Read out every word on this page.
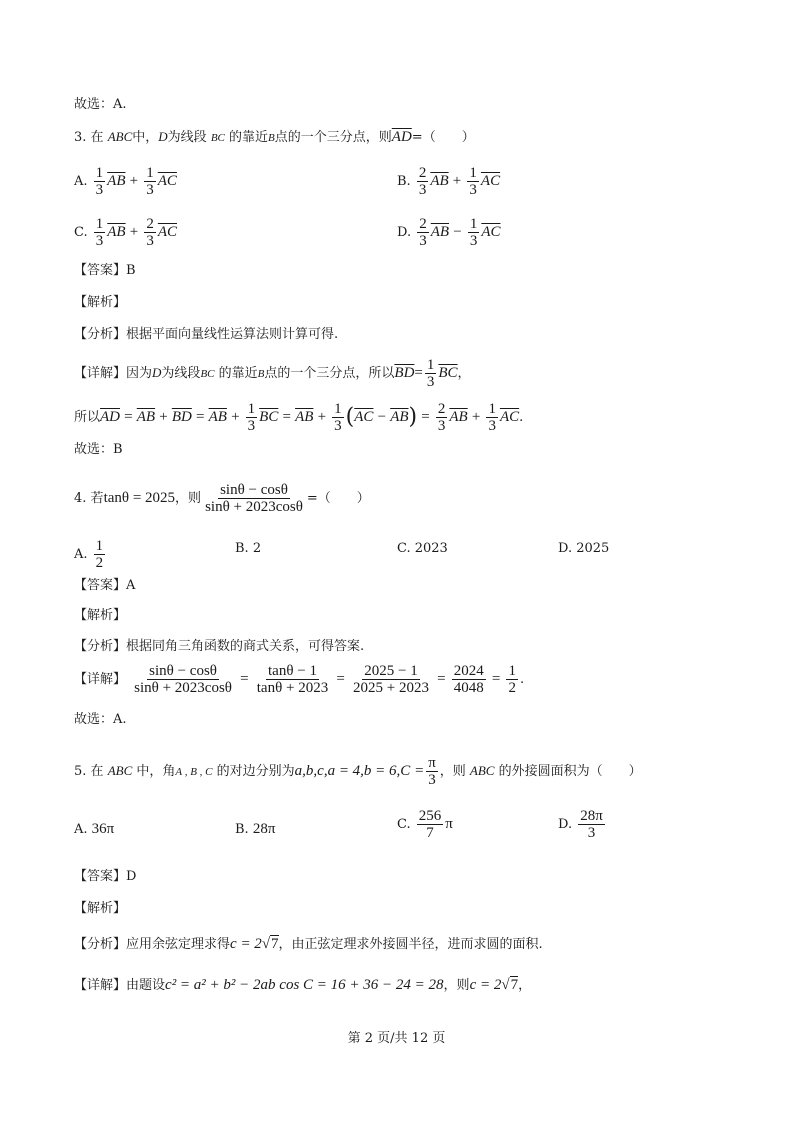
故选：A.
3. 在 ABC中，D为线段 BC 的靠近B点的一个三分点，则$\overline{AD}=$（　　）
A. $\frac{1}{3} \overline{AB} + \frac{1}{3} \overline{AC}$	B. $\frac{2}{3} \overline{AB} + \frac{1}{3} \overline{AC}$
C. $\frac{1}{3} \overline{AB} + \frac{2}{3} \overline{AC}$	D. $\frac{2}{3} \overline{AB} - \frac{1}{3} \overline{AC}$
【答案】B
【解析】
【分析】根据平面向量线性运算法则计算可得.
【详解】因为D为线段BC 的靠近B点的一个三分点，所以$\overline{BD}= \frac{1}{3} \overline{BC}$，
所以$\overline{AD} = \overline{AB} + \overline{BD} = \overline{AB} + \frac{1}{3} \overline{BC} = \overline{AB} + \frac{1}{3} (\overline{AC} - \overline{AB}) = \frac{2}{3} \overline{AB} + \frac{1}{3} \overline{AC}$.
故选：B
4. 若tanθ = 2025，则 $\frac{\sin\theta - \cos\theta}{\sin\theta + 2023\cos\theta}$ =（　　）
A. $\frac{1}{2}$	B. 2	C. 2023	D. 2025
【答案】A
【解析】
【分析】根据同角三角函数的商式关系，可得答案.
【详解】 $\frac{\sin\theta - \cos\theta}{\sin\theta + 2023\cos\theta} = \frac{\tan\theta - 1}{\tan\theta + 2023} = \frac{2025 - 1}{2025 + 2023} = \frac{2024}{4048} = \frac{1}{2}$ .
故选：A.
5. 在 ABC 中，角A , B , C 的对边分别为$a,b,c,a = 4,b = 6,C = \frac{\pi}{3}$ ，则 ABC 的外接圆面积为（　　）
A. 36π	B. 28π	C. $\frac{256}{7}$ π	D. $\frac{28\pi}{3}$
【答案】D
【解析】
【分析】应用余弦定理求得c = 2√7，由正弦定理求外接圆半径，进而求圆的面积.
【详解】由题设c² = a² + b² − 2ab cos C = 16 + 36 − 24 = 28，则c = 2√7，
第 2 页/共 12 页
